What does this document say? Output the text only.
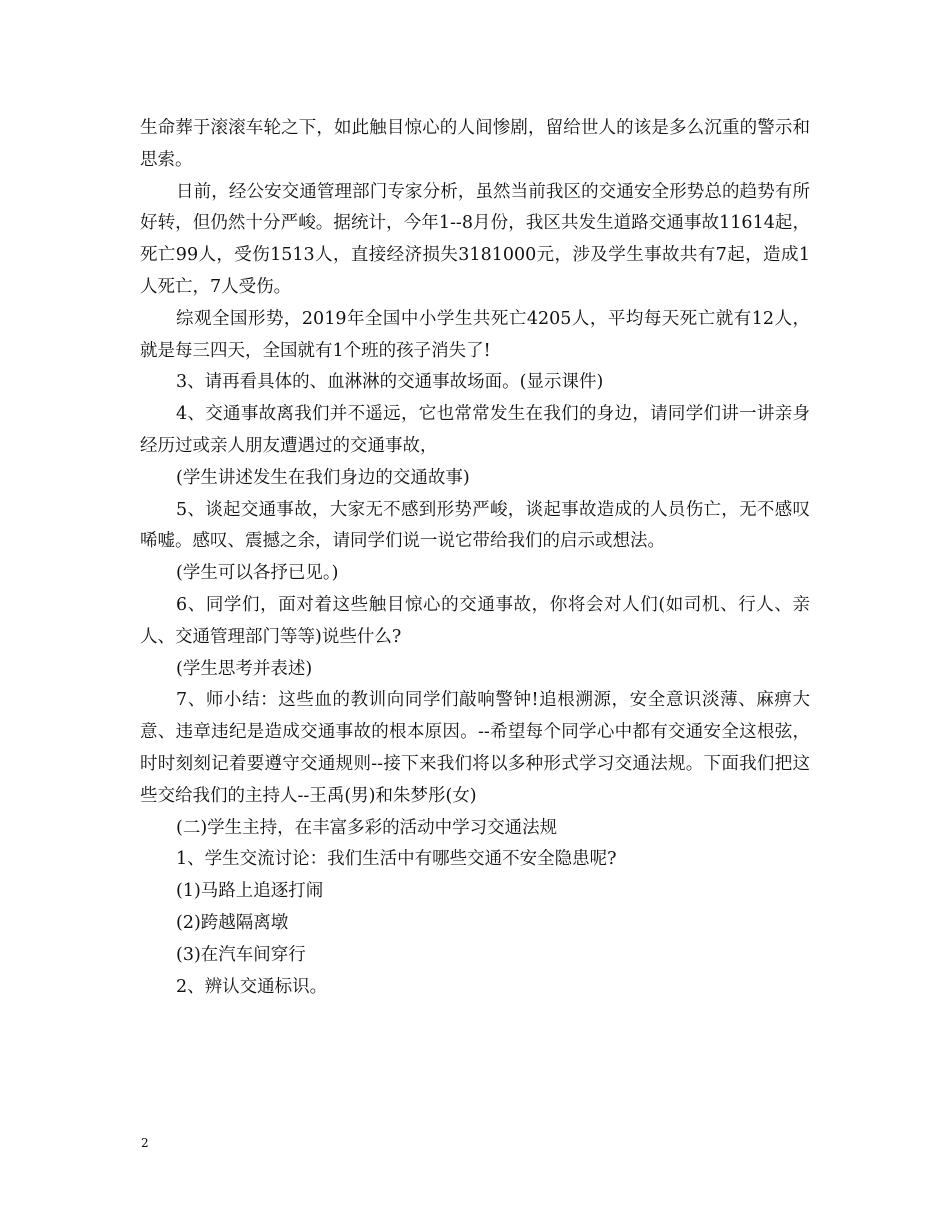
生命葬于滚滚车轮之下，如此触目惊心的人间惨剧，留给世人的该是多么沉重的警示和思索。

日前，经公安交通管理部门专家分析，虽然当前我区的交通安全形势总的趋势有所好转，但仍然十分严峻。据统计，今年1--8月份，我区共发生道路交通事故11614起，死亡99人，受伤1513人，直接经济损失3181000元，涉及学生事故共有7起，造成1人死亡，7人受伤。

综观全国形势，2019年全国中小学生共死亡4205人，平均每天死亡就有12人，就是每三四天，全国就有1个班的孩子消失了!

3、请再看具体的、血淋淋的交通事故场面。(显示课件)

4、交通事故离我们并不遥远，它也常常发生在我们的身边，请同学们讲一讲亲身经历过或亲人朋友遭遇过的交通事故，

(学生讲述发生在我们身边的交通故事)

5、谈起交通事故，大家无不感到形势严峻，谈起事故造成的人员伤亡，无不感叹唏嘘。感叹、震撼之余，请同学们说一说它带给我们的启示或想法。

(学生可以各抒已见。)

6、同学们，面对着这些触目惊心的交通事故，你将会对人们(如司机、行人、亲人、交通管理部门等等)说些什么?

(学生思考并表述)

7、师小结：这些血的教训向同学们敲响警钟!追根溯源，安全意识淡薄、麻痹大意、违章违纪是造成交通事故的根本原因。--希望每个同学心中都有交通安全这根弦，时时刻刻记着要遵守交通规则--接下来我们将以多种形式学习交通法规。下面我们把这些交给我们的主持人--王禹(男)和朱梦彤(女)

(二)学生主持，在丰富多彩的活动中学习交通法规

1、学生交流讨论：我们生活中有哪些交通不安全隐患呢?

(1)马路上追逐打闹

(2)跨越隔离墩

(3)在汽车间穿行

2、辨认交通标识。

2
